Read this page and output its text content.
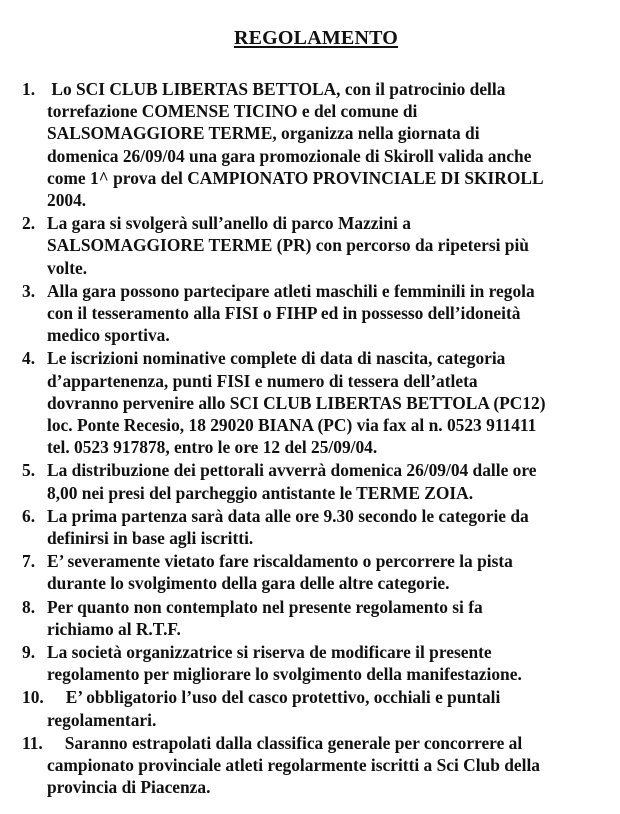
REGOLAMENTO
1. Lo SCI CLUB LIBERTAS BETTOLA, con il patrocinio della
torrefazione COMENSE TICINO e del comune di
SALSOMAGGIORE TERME, organizza nella giornata di
domenica 26/09/04 una gara promozionale di Skiroll valida anche
come 1^ prova del CAMPIONATO PROVINCIALE DI SKIROLL
2004.
2. La gara si svolgerà sull’anello di parco Mazzini a
SALSOMAGGIORE TERME (PR) con percorso da ripetersi più
volte.
3. Alla gara possono partecipare atleti maschili e femminili in regola
con il tesseramento alla FISI o FIHP ed in possesso dell’idoneità
medico sportiva.
4. Le iscrizioni nominative complete di data di nascita, categoria
d’appartenenza, punti FISI e numero di tessera dell’atleta
dovranno pervenire allo SCI CLUB LIBERTAS BETTOLA (PC12)
loc. Ponte Recesio, 18 29020 BIANA (PC) via fax al n. 0523 911411
tel. 0523 917878, entro le ore 12 del 25/09/04.
5. La distribuzione dei pettorali avverrà domenica 26/09/04 dalle ore
8,00 nei presi del parcheggio antistante le TERME ZOIA.
6. La prima partenza sarà data alle ore 9.30 secondo le categorie da
definirsi in base agli iscritti.
7. E’ severamente vietato fare riscaldamento o percorrere la pista
durante lo svolgimento della gara delle altre categorie.
8. Per quanto non contemplato nel presente regolamento si fa
richiamo al R.T.F.
9. La società organizzatrice si riserva de modificare il presente
regolamento per migliorare lo svolgimento della manifestazione.
10. E’ obbligatorio l’uso del casco protettivo, occhiali e puntali
regolamentari.
11. Saranno estrapolati dalla classifica generale per concorrere al
campionato provinciale atleti regolarmente iscritti a Sci Club della
provincia di Piacenza.
